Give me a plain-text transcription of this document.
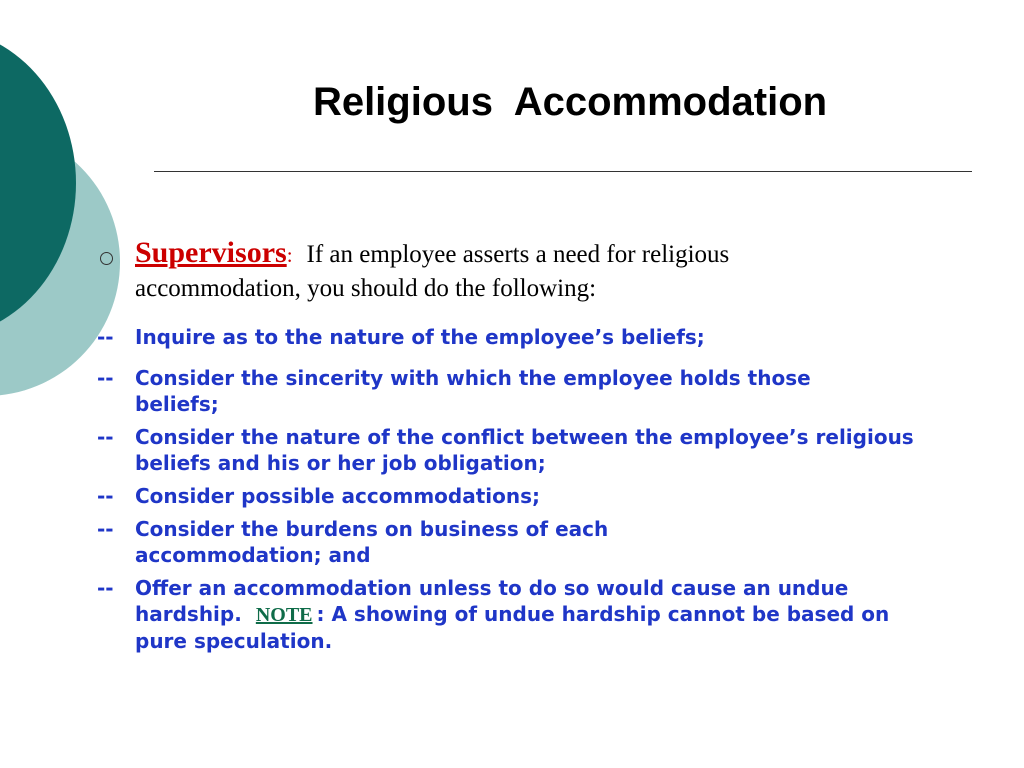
Religious  Accommodation
Supervisors: If an employee asserts a need for religious
accommodation, you should do the following:
--	Inquire as to the nature of the employee’s beliefs;
--	Consider the sincerity with which the employee holds those beliefs;
--	Consider the nature of the conflict between the employee’s religious beliefs and his or her job obligation;
--	Consider possible accommodations;
--	Consider the burdens on business of each accommodation; and
--	Offer an accommodation unless to do so would cause an undue hardship. NOTE : A showing of undue hardship cannot be based on pure speculation.
